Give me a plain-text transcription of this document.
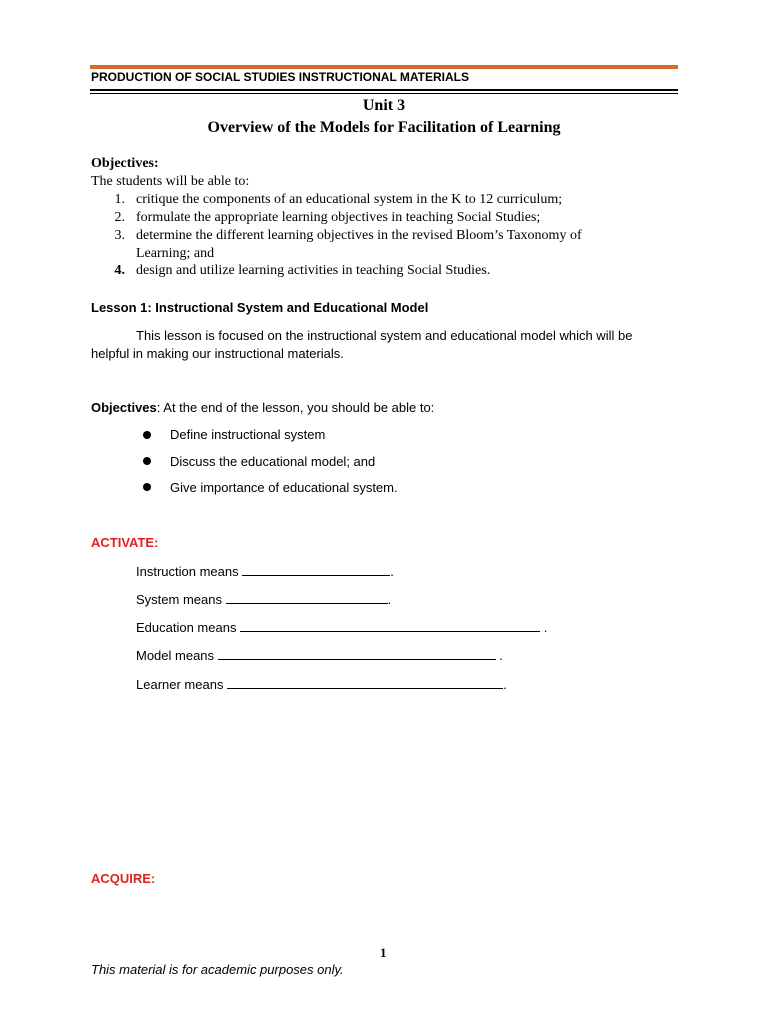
PRODUCTION OF SOCIAL STUDIES INSTRUCTIONAL MATERIALS
Unit 3
Overview of the Models for Facilitation of Learning
Objectives:
The students will be able to:
1. critique the components of an educational system in the K to 12 curriculum;
2. formulate the appropriate learning objectives in teaching Social Studies;
3. determine the different learning objectives in the revised Bloom’s Taxonomy of
Learning; and
4. design and utilize learning activities in teaching Social Studies.
Lesson 1: Instructional System and Educational Model
This lesson is focused on the instructional system and educational model which will be
helpful in making our instructional materials.
Objectives: At the end of the lesson, you should be able to:
Define instructional system
Discuss the educational model; and
Give importance of educational system.
ACTIVATE:
Instruction means	.
System means	.
Education means	.
Model means	.
Learner means	.
ACQUIRE:
1
This material is for academic purposes only.
